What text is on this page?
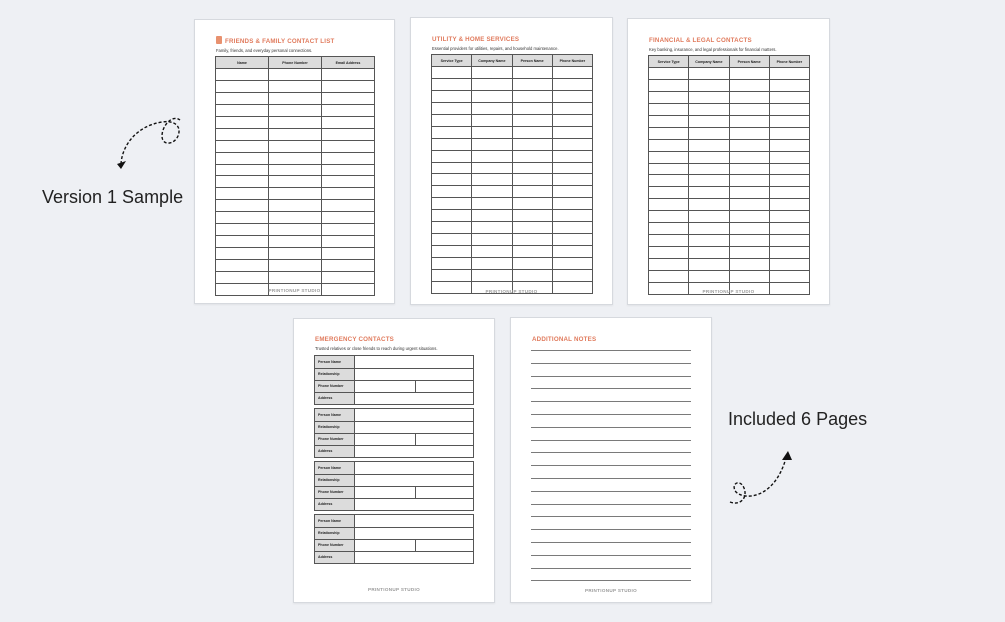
FRIENDS & FAMILY CONTACT LIST
Family, friends, and everyday personal connections.
Name	Phone Number	Email Address

PRINTIONUP STUDIO
UTILITY & HOME SERVICES
Essential providers for utilities, repairs, and household maintenance.
Service Type	Company Name	Person Name	Phone Number

PRINTIONUP STUDIO
FINANCIAL & LEGAL CONTACTS
Key banking, insurance, and legal professionals for financial matters.
Service Type	Company Name	Person Name	Phone Number

PRINTIONUP STUDIO
EMERGENCY CONTACTS
Trusted relatives or close friends to reach during urgent situations.
Person Name
Relationship
Phone Number
Address
Person Name
Relationship
Phone Number
Address
Person Name
Relationship
Phone Number
Address
Person Name
Relationship
Phone Number
Address
PRINTIONUP STUDIO
ADDITIONAL NOTES
PRINTIONUP STUDIO
Version 1 Sample
Included 6 Pages
